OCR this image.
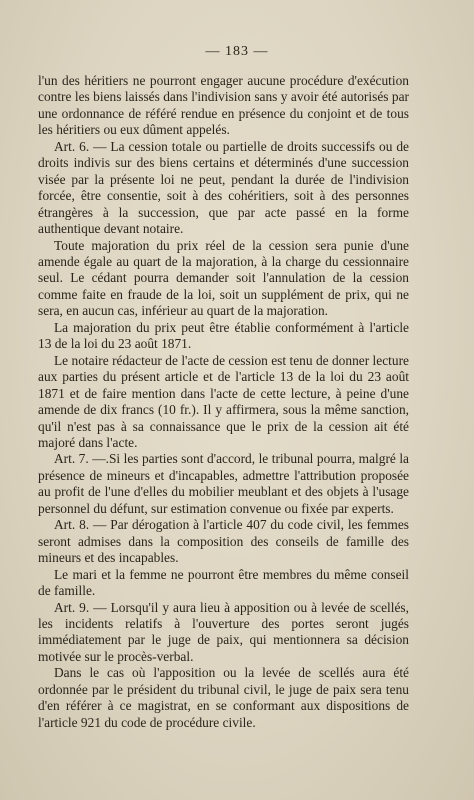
— 183 —

l'un des héritiers ne pourront engager aucune procédure d'exécution contre les biens laissés dans l'indivision sans y avoir été autorisés par une ordonnance de référé rendue en présence du conjoint et de tous les héritiers ou eux dûment appelés.

Art. 6. — La cession totale ou partielle de droits successifs ou de droits indivis sur des biens certains et déterminés d'une succession visée par la présente loi ne peut, pendant la durée de l'indivision forcée, être consentie, soit à des cohéritiers, soit à des personnes étrangères à la succession, que par acte passé en la forme authentique devant notaire.

Toute majoration du prix réel de la cession sera punie d'une amende égale au quart de la majoration, à la charge du cessionnaire seul. Le cédant pourra demander soit l'annulation de la cession comme faite en fraude de la loi, soit un supplément de prix, qui ne sera, en aucun cas, inférieur au quart de la majoration.

La majoration du prix peut être établie conformément à l'article 13 de la loi du 23 août 1871.

Le notaire rédacteur de l'acte de cession est tenu de donner lecture aux parties du présent article et de l'article 13 de la loi du 23 août 1871 et de faire mention dans l'acte de cette lecture, à peine d'une amende de dix francs (10 fr.). Il y affirmera, sous la même sanction, qu'il n'est pas à sa connaissance que le prix de la cession ait été majoré dans l'acte.

Art. 7. —.Si les parties sont d'accord, le tribunal pourra, malgré la présence de mineurs et d'incapables, admettre l'attribution proposée au profit de l'une d'elles du mobilier meublant et des objets à l'usage personnel du défunt, sur estimation convenue ou fixée par experts.

Art. 8. — Par dérogation à l'article 407 du code civil, les femmes seront admises dans la composition des conseils de famille des mineurs et des incapables.

Le mari et la femme ne pourront être membres du même conseil de famille.

Art. 9. — Lorsqu'il y aura lieu à apposition ou à levée de scellés, les incidents relatifs à l'ouverture des portes seront jugés immédiatement par le juge de paix, qui mentionnera sa décision motivée sur le procès-verbal.

Dans le cas où l'apposition ou la levée de scellés aura été ordonnée par le président du tribunal civil, le juge de paix sera tenu d'en référer à ce magistrat, en se conformant aux dispositions de l'article 921 du code de procédure civile.
